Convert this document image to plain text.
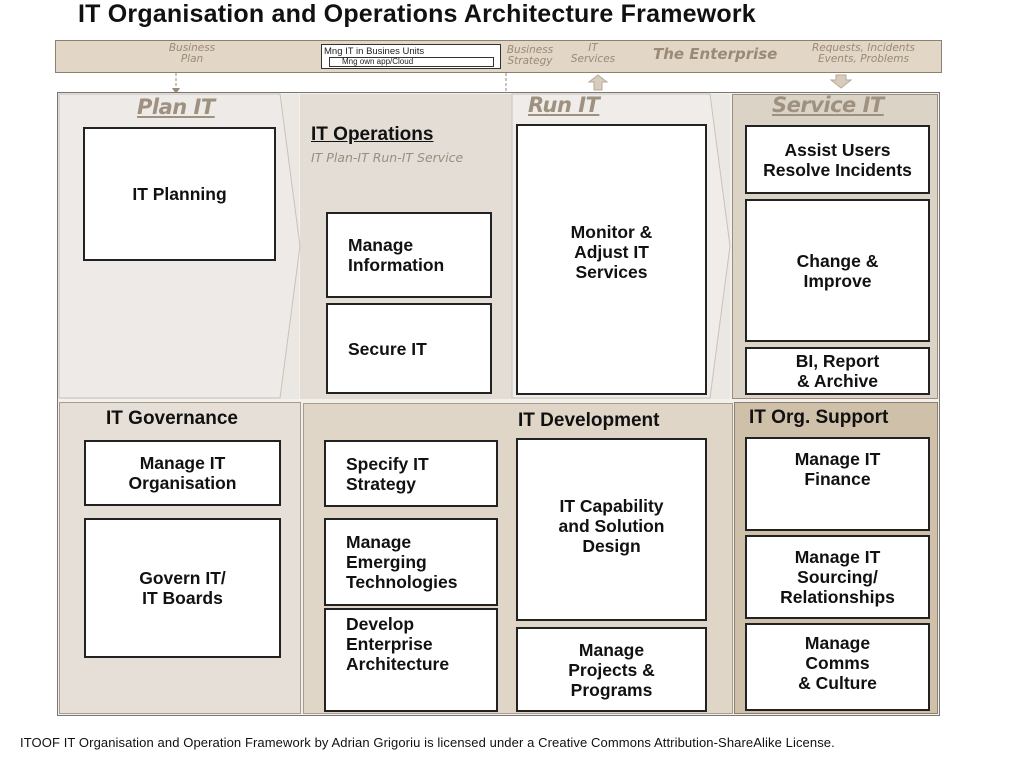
IT Organisation and Operations Architecture Framework
Business Plan
Mng IT in Busines Units
Mng own app/Cloud
Business Strategy
IT Services	The Enterprise	Requests, Incidents Events, Problems
Plan IT	Run IT	Service IT
IT Operations
IT Plan-IT Run-IT Service
IT Governance	IT Development	IT Org. Support
IT Planning
Manage
Information
Secure IT
Monitor &
Adjust IT
Services
Assist Users
Resolve Incidents
Change &
Improve
BI, Report
& Archive
Manage IT
Organisation
Govern IT/
IT Boards
Specify IT
Strategy
Manage
Emerging
Technologies
Develop
Enterprise
Architecture
IT Capability
and Solution
Design
Manage
Projects &
Programs
Manage IT
Finance
Manage IT
Sourcing/
Relationships
Manage
Comms
& Culture
ITOOF IT Organisation and Operation Framework by Adrian Grigoriu is licensed under a Creative Commons Attribution-ShareAlike License.
